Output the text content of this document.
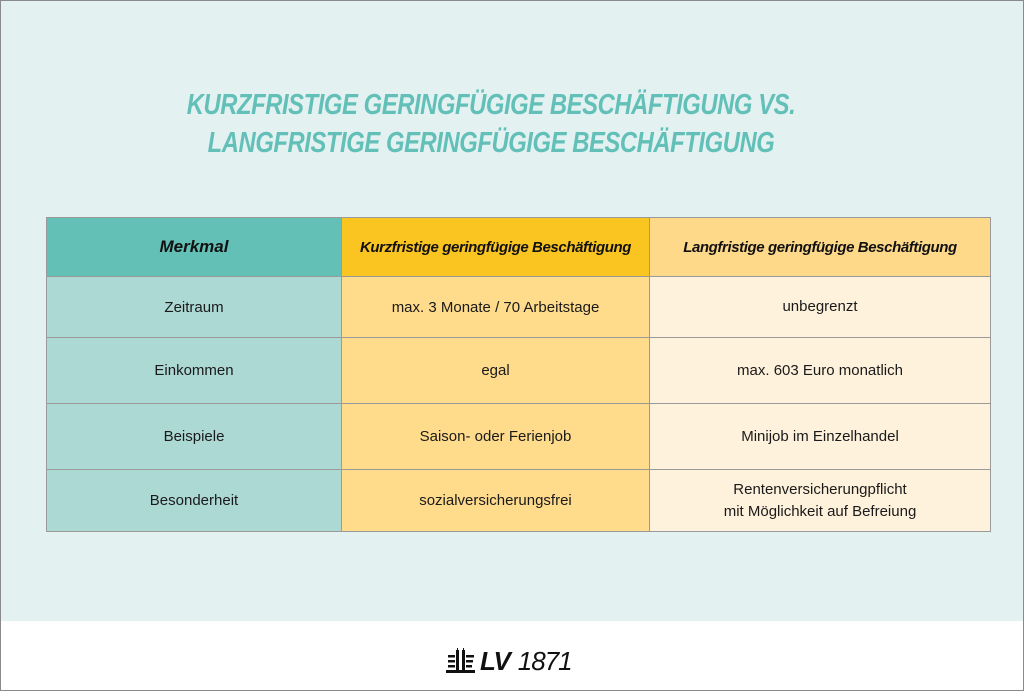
KURZFRISTIGE GERINGFÜGIGE BESCHÄFTIGUNG VS.
LANGFRISTIGE GERINGFÜGIGE BESCHÄFTIGUNG
Merkmal	Kurzfristige geringfügige Beschäftigung	Langfristige geringfügige Beschäftigung
Zeitraum	max. 3 Monate / 70 Arbeitstage	unbegrenzt
Einkommen	egal	max. 603 Euro monatlich
Beispiele	Saison- oder Ferienjob	Minijob im Einzelhandel
Besonderheit	sozialversicherungsfrei	Rentenversicherungpflicht
mit Möglichkeit auf Befreiung
LV 1871
